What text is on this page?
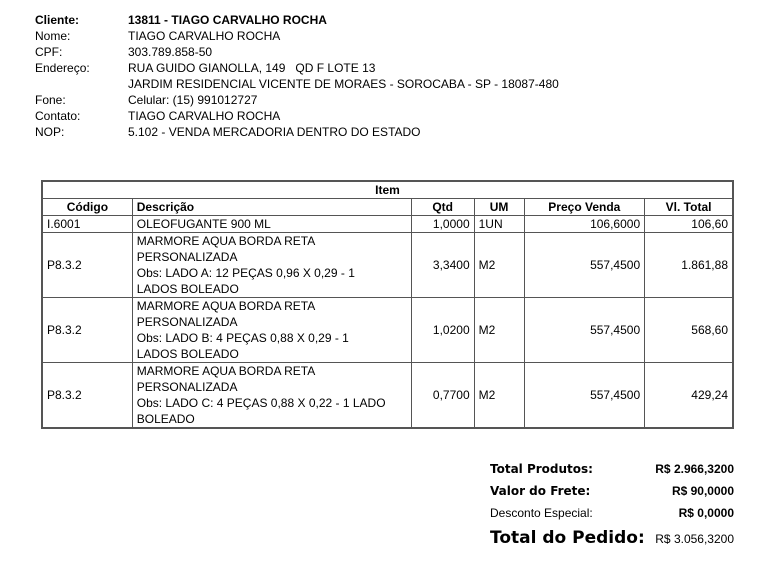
Cliente:	13811 - TIAGO CARVALHO ROCHA
Nome:	TIAGO CARVALHO ROCHA
CPF:	303.789.858-50
Endereço:	RUA GUIDO GIANOLLA, 149   QD F LOTE 13
JARDIM RESIDENCIAL VICENTE DE MORAES - SOROCABA - SP - 18087-480
Fone:	Celular: (15) 991012727
Contato:	TIAGO CARVALHO ROCHA
NOP:	5.102 - VENDA MERCADORIA DENTRO DO ESTADO
Item					
Código	Descrição	Qtd	UM	Preço Venda	Vl. Total
I.6001	OLEOFUGANTE 900 ML	1,0000	1UN	106,6000	106,60
P8.3.2	MARMORE AQUA BORDA RETA
PERSONALIZADA
Obs: LADO A: 12 PEÇAS 0,96 X 0,29 - 1
LADOS BOLEADO	3,3400	M2	557,4500	1.861,88
P8.3.2	MARMORE AQUA BORDA RETA
PERSONALIZADA
Obs: LADO B: 4 PEÇAS 0,88 X 0,29 - 1
LADOS BOLEADO	1,0200	M2	557,4500	568,60
P8.3.2	MARMORE AQUA BORDA RETA
PERSONALIZADA
Obs: LADO C: 4 PEÇAS 0,88 X 0,22 - 1 LADO
BOLEADO	0,7700	M2	557,4500	429,24
Total Produtos:	R$ 2.966,3200
Valor do Frete:	R$ 90,0000
Desconto Especial:	R$ 0,0000
Total do Pedido: R$ 3.056,3200
